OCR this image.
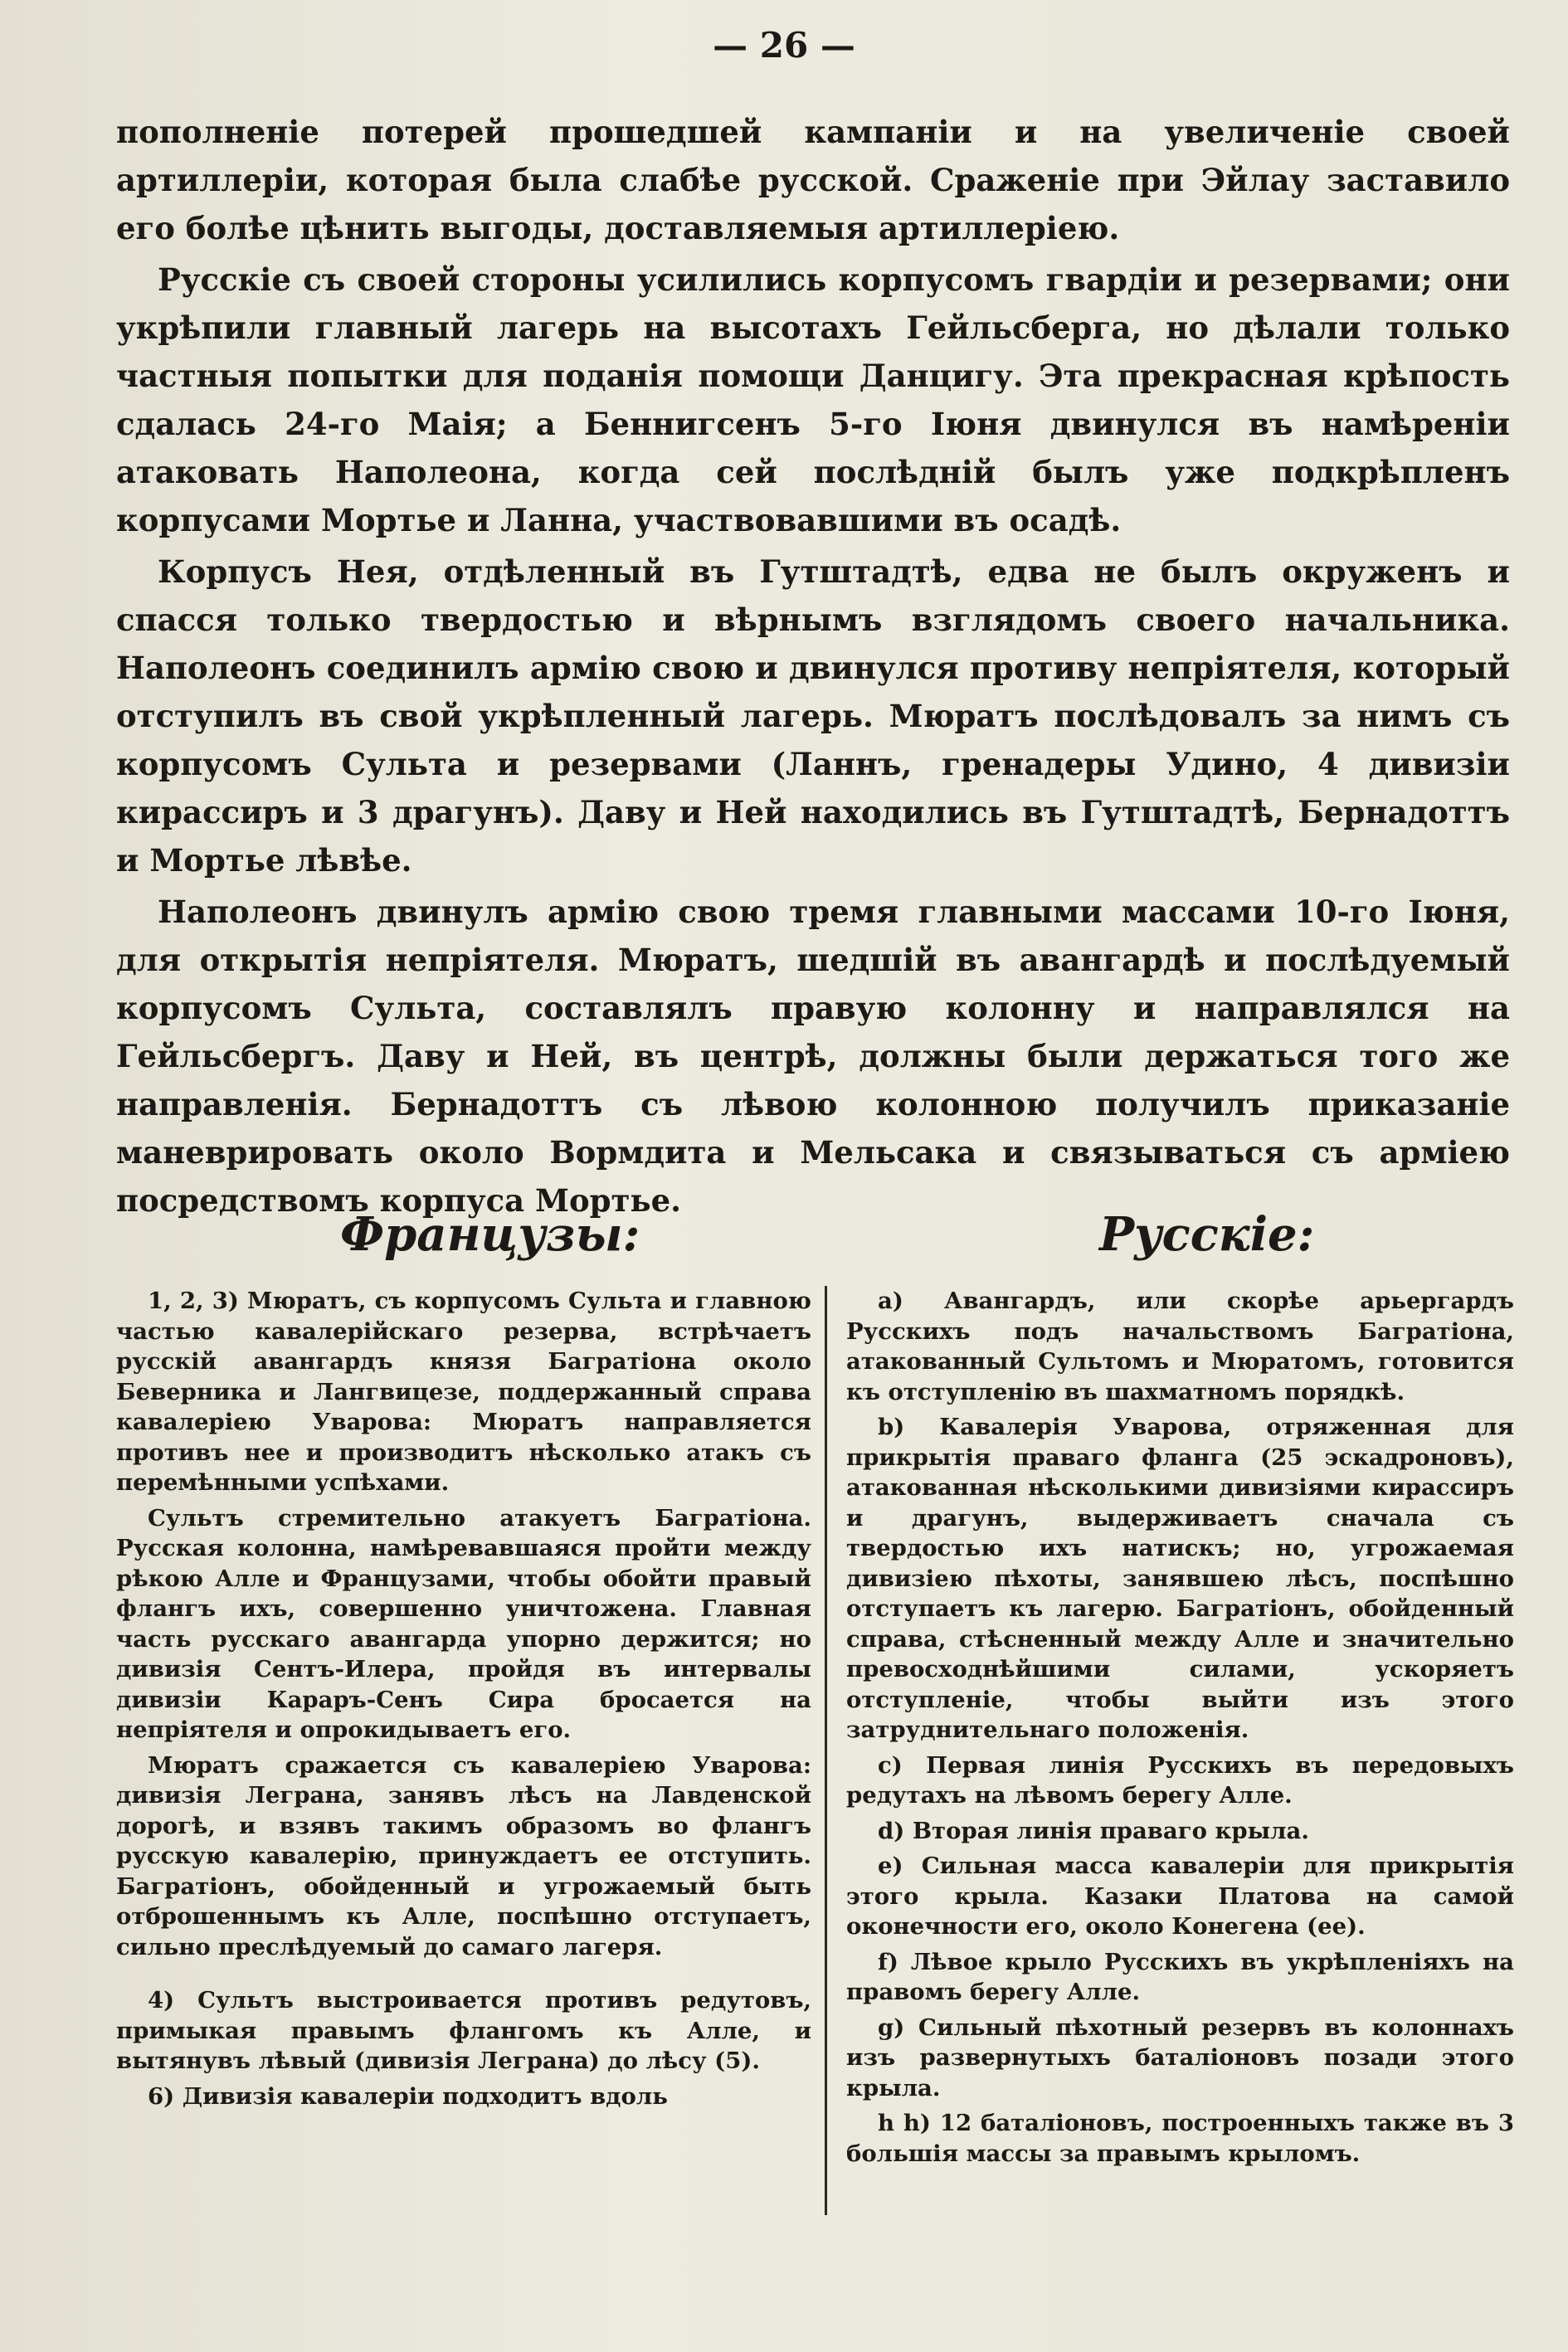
— 26 —

пополненіе потерей прошедшей кампаніи и на увеличеніе своей артиллеріи, которая была слабѣе русской. Сраженіе при Эйлау заставило его болѣе цѣнить выгоды, доставляемыя артиллеріею.

Русскіе съ своей стороны усилились корпусомъ гвардіи и резервами; они укрѣпили главный лагерь на высотахъ Гейльсберга, но дѣлали только частныя попытки для поданія помощи Данцигу. Эта прекрасная крѣпость сдалась 24-го Маія; а Беннигсенъ 5-го Іюня двинулся въ намѣреніи атаковать Наполеона, когда сей послѣдній былъ уже подкрѣпленъ корпусами Мортье и Ланна, участвовавшими въ осадѣ.

Корпусъ Нея, отдѣленный въ Гутштадтѣ, едва не былъ окруженъ и спасся только твердостью и вѣрнымъ взглядомъ своего начальника. Наполеонъ соединилъ армію свою и двинулся противу непріятеля, который отступилъ въ свой укрѣпленный лагерь. Мюратъ послѣдовалъ за нимъ съ корпусомъ Сульта и резервами (Ланнъ, гренадеры Удино, 4 дивизіи кирассиръ и 3 драгунъ). Даву и Ней находились въ Гутштадтѣ, Бернадоттъ и Мортье лѣвѣе.

Наполеонъ двинулъ армію свою тремя главными массами 10-го Іюня, для открытія непріятеля. Мюратъ, шедшій въ авангардѣ и послѣдуемый корпусомъ Сульта, составлялъ правую колонну и направлялся на Гейльсбергъ. Даву и Ней, въ центрѣ, должны были держаться того же направленія. Бернадоттъ съ лѣвою колонною получилъ приказаніе маневрировать около Вормдита и Мельсака и связываться съ арміею посредствомъ корпуса Мортье.

Французы:	Русскіе:

1, 2, 3) Мюратъ, съ корпусомъ Сульта и главною частью кавалерійскаго резерва, встрѣчаетъ русскій авангардъ князя Багратіона около Беверника и Лангвицезе, поддержанный справа кавалеріею Уварова: Мюратъ направляется противъ нее и производитъ нѣсколько атакъ съ перемѣнными успѣхами.

Сультъ стремительно атакуетъ Багратіона. Русская колонна, намѣревавшаяся пройти между рѣкою Алле и Французами, чтобы обойти правый флангъ ихъ, совершенно уничтожена. Главная часть русскаго авангарда упорно держится; но дивизія Сентъ-Илера, пройдя въ интервалы дивизіи Караръ-Сенъ Сира бросается на непріятеля и опрокидываетъ его.

Мюратъ сражается съ кавалеріею Уварова: дивизія Леграна, занявъ лѣсъ на Лавденской дорогѣ, и взявъ такимъ образомъ во флангъ русскую кавалерію, принуждаетъ ее отступить. Багратіонъ, обойденный и угрожаемый быть отброшеннымъ къ Алле, поспѣшно отступаетъ, сильно преслѣдуемый до самаго лагеря.

4) Сультъ выстроивается противъ редутовъ, примыкая правымъ флангомъ къ Алле, и вытянувъ лѣвый (дивизія Леграна) до лѣсу (5).

6) Дивизія кавалеріи подходитъ вдоль

a) Авангардъ, или скорѣе арьергардъ Русскихъ подъ начальствомъ Багратіона, атакованный Сультомъ и Мюратомъ, готовится къ отступленію въ шахматномъ порядкѣ.

b) Кавалерія Уварова, отряженная для прикрытія праваго фланга (25 эскадроновъ), атакованная нѣсколькими дивизіями кирассиръ и драгунъ, выдерживаетъ сначала съ твердостью ихъ натискъ; но, угрожаемая дивизіею пѣхоты, занявшею лѣсъ, поспѣшно отступаетъ къ лагерю. Багратіонъ, обойденный справа, стѣсненный между Алле и значительно превосходнѣйшими силами, ускоряетъ отступленіе, чтобы выйти изъ этого затруднительнаго положенія.

c) Первая линія Русскихъ въ передовыхъ редутахъ на лѣвомъ берегу Алле.

d) Вторая линія праваго крыла.

e) Сильная масса кавалеріи для прикрытія этого крыла. Казаки Платова на самой оконечности его, около Конегена (ее).

f) Лѣвое крыло Русскихъ въ укрѣпленіяхъ на правомъ берегу Алле.

g) Сильный пѣхотный резервъ въ колоннахъ изъ развернутыхъ баталіоновъ позади этого крыла.

h h) 12 баталіоновъ, построенныхъ также въ 3 большія массы за правымъ крыломъ.
